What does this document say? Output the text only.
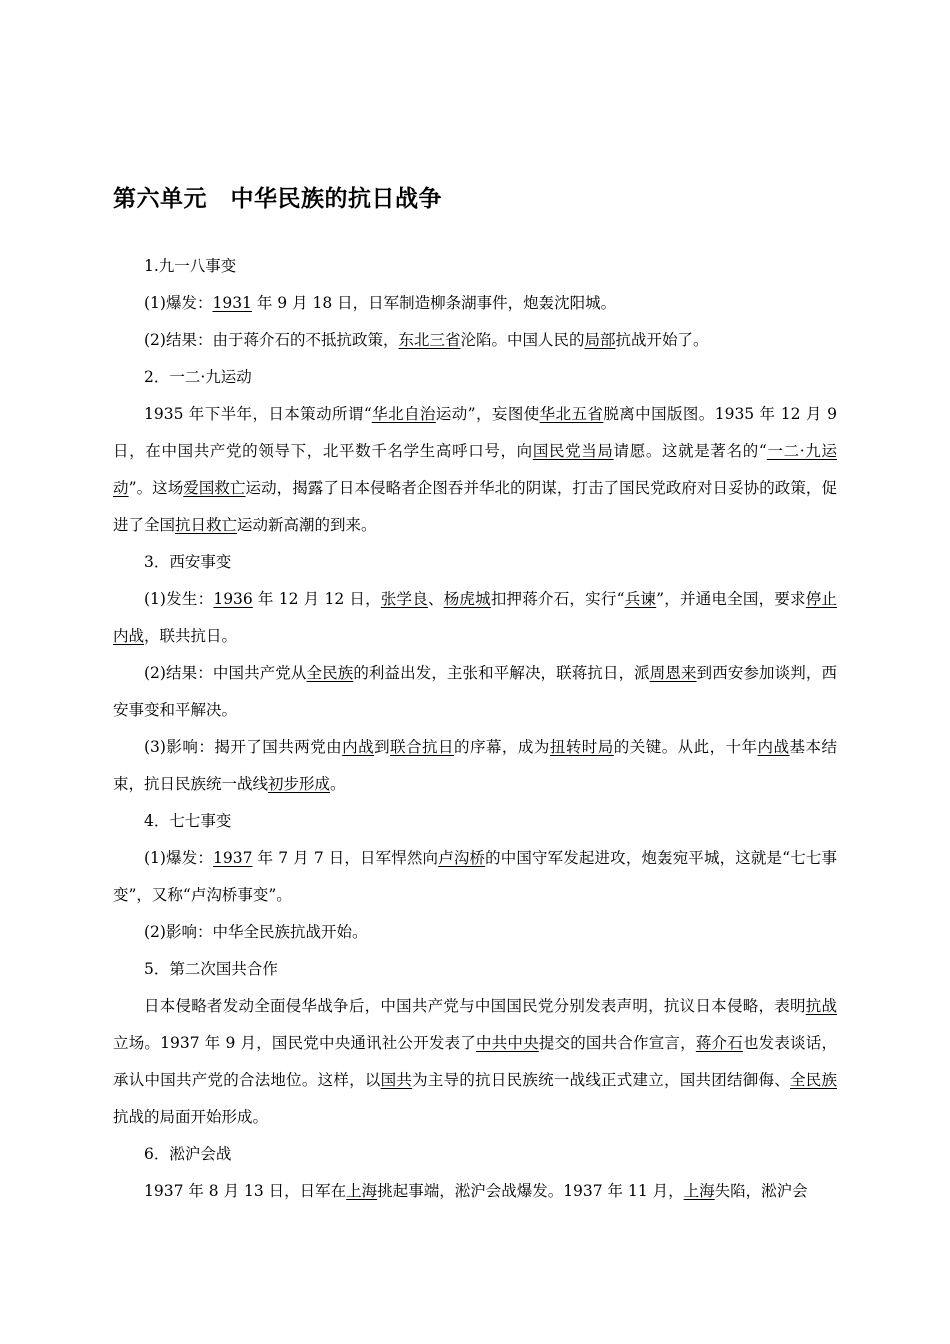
第六单元　中华民族的抗日战争

1.九一八事变

(1)爆发：1931 年 9 月 18 日，日军制造柳条湖事件，炮轰沈阳城。

(2)结果：由于蒋介石的不抵抗政策，东北三省沦陷。中国人民的局部抗战开始了。

2．一二·九运动

1935 年下半年，日本策动所谓“华北自治运动”，妄图使华北五省脱离中国版图。1935 年 12 月 9 日，在中国共产党的领导下，北平数千名学生高呼口号，向国民党当局请愿。这就是著名的“一二·九运动”。这场爱国救亡运动，揭露了日本侵略者企图吞并华北的阴谋，打击了国民党政府对日妥协的政策，促进了全国抗日救亡运动新高潮的到来。

3．西安事变

(1)发生：1936 年 12 月 12 日，张学良、杨虎城扣押蒋介石，实行“兵谏”，并通电全国，要求停止内战，联共抗日。

(2)结果：中国共产党从全民族的利益出发，主张和平解决，联蒋抗日，派周恩来到西安参加谈判，西安事变和平解决。

(3)影响：揭开了国共两党由内战到联合抗日的序幕，成为扭转时局的关键。从此，十年内战基本结束，抗日民族统一战线初步形成。

4．七七事变

(1)爆发：1937 年 7 月 7 日，日军悍然向卢沟桥的中国守军发起进攻，炮轰宛平城，这就是“七七事变”，又称“卢沟桥事变”。

(2)影响：中华全民族抗战开始。

5．第二次国共合作

日本侵略者发动全面侵华战争后，中国共产党与中国国民党分别发表声明，抗议日本侵略，表明抗战立场。1937 年 9 月，国民党中央通讯社公开发表了中共中央提交的国共合作宣言，蒋介石也发表谈话，承认中国共产党的合法地位。这样，以国共为主导的抗日民族统一战线正式建立，国共团结御侮、全民族抗战的局面开始形成。

6．淞沪会战

1937 年 8 月 13 日，日军在上海挑起事端，淞沪会战爆发。1937 年 11 月，上海失陷，淞沪会
